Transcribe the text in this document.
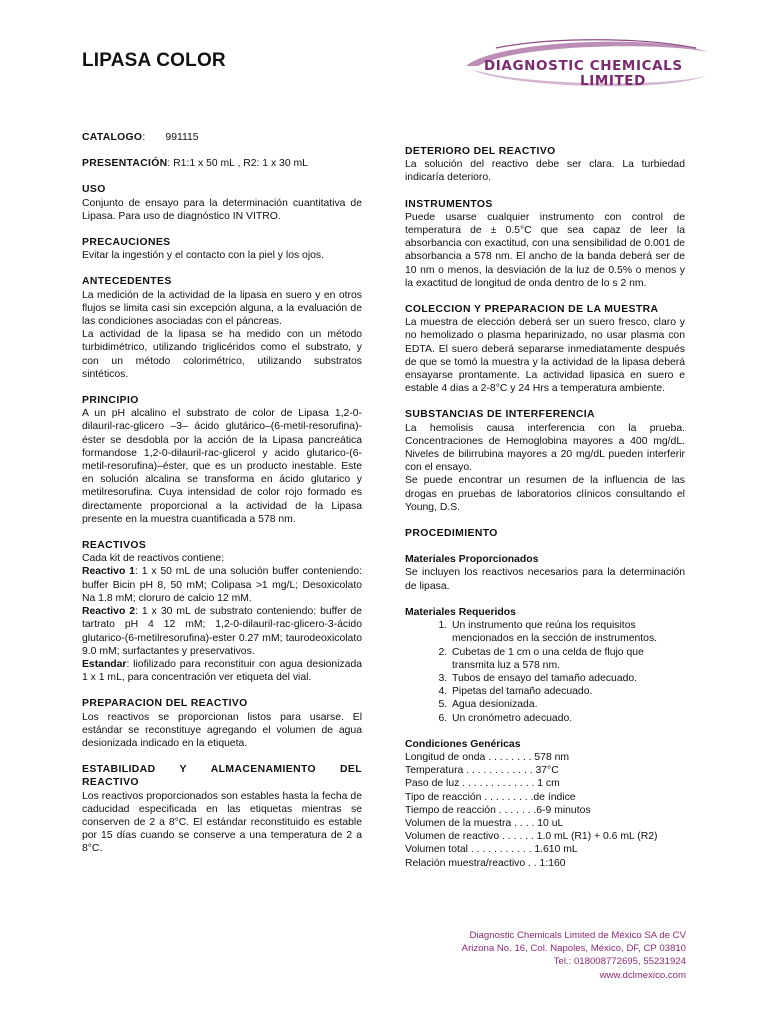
LIPASA COLOR	DIAGNOSTIC CHEMICALS
LIMITED
CATALOGO:       991115
PRESENTACIÓN: R1:1 x 50 mL , R2: 1 x 30 mL
USO
Conjunto de ensayo para la determinación cuantitativa de Lipasa. Para uso de diagnóstico IN VITRO.
PRECAUCIONES
Evitar la ingestión y el contacto con la piel y los ojos.
ANTECEDENTES
La medición de la actividad de la lipasa en suero y en otros flujos se limita casi sin excepción alguna, a la evaluación de las condiciones asociadas con el páncreas.
La actividad de la lipasa se ha medido con un método turbidimétrico, utilizando triglicéridos como el substrato, y con un método colorimétrico, utilizando substratos sintéticos.
PRINCIPIO
A un pH alcalino el substrato de color de Lipasa 1,2-0-dilauril-rac-glicero –3– ácido glutárico–(6-metil-resorufina)-éster se desdobla por la acción de la Lipasa pancreática formandose 1,2-0-dilauril-rac-glicerol y acido glutarico-(6-metil-resorufina)–éster, que es un producto inestable. Este en solución alcalina se transforma en ácido glutarico y metilresorufina. Cuya intensidad de color rojo formado es directamente proporcional a la actividad de la Lipasa presente en la muestra cuantificada a 578 nm.
REACTIVOS
Cada kit de reactivos contiene:
Reactivo 1: 1 x 50 mL de una solución buffer conteniendo: buffer Bicin pH 8, 50 mM; Colipasa >1 mg/L; Desoxicolato Na 1.8 mM; cloruro de calcio 12 mM.
Reactivo 2: 1 x 30 mL de substrato conteniendo: buffer de tartrato pH 4 12 mM; 1,2-0-dilauril-rac-glicero-3-ácido glutarico-(6-metilresorufina)-ester 0.27 mM; taurodeoxicolato 9.0 mM; surfactantes y preservativos.
Estandar: liofilizado para reconstituir con agua desionizada 1 x 1 mL, para concentración ver etiqueta del vial.
PREPARACION DEL REACTIVO
Los reactivos se proporcionan listos para usarse. El estándar se reconstituye agregando el volumen de agua desionizada indicado en la etiqueta.
ESTABILIDAD Y ALMACENAMIENTO DEL
REACTIVO
Los reactivos proporcionados son estables hasta la fecha de caducidad especificada en las etiquetas mientras se conserven de 2 a 8°C. El estándar reconstituido es estable por 15 días cuando se conserve a una temperatura de 2 a 8°C.
DETERIORO DEL REACTIVO
La solución del reactivo debe ser clara. La turbiedad indicaría deterioro.
INSTRUMENTOS
Puede usarse cualquier instrumento con control de temperatura de ± 0.5°C que sea capaz de leer la absorbancia con exactitud, con una sensibilidad de 0.001 de absorbancia a 578 nm. El ancho de la banda deberá ser de 10 nm o menos, la desviación de la luz de 0.5% o menos y la exactitud de longitud de onda dentro de lo s 2 nm.
COLECCION Y PREPARACION DE LA MUESTRA
La muestra de elección deberá ser un suero fresco, claro y no hemolizado o plasma heparinizado, no usar plasma con EDTA. El suero deberá separarse inmediatamente después de que se tomó la muestra y la actividad de la lipasa deberá ensayarse prontamente. La actividad lipasica en suero e estable 4 dias a 2-8°C y 24 Hrs a temperatura ambiente.
SUBSTANCIAS DE INTERFERENCIA
La hemolisis causa interferencia con la prueba. Concentraciones de Hemoglobina mayores a 400 mg/dL. Niveles de bilirrubina mayores a 20 mg/dL pueden interferir con el ensayo.
Se puede encontrar un resumen de la influencia de las drogas en pruebas de laboratorios clínicos consultando el Young, D.S.
PROCEDIMIENTO
Materiales Proporcionados
Se incluyen los reactivos necesarios para la determinación de lipasa.
Materiales Requeridos
1. Un instrumento que reúna los requisitos mencionados en la sección de instrumentos.
2. Cubetas de 1 cm o una celda de flujo que transmita luz a 578 nm.
3. Tubos de ensayo del tamaño adecuado.
4. Pipetas del tamaño adecuado.
5. Agua desionizada.
6. Un cronómetro adecuado.
Condiciones Genéricas
Longitud de onda . . . . . . . . 578 nm
Temperatura . . . . . . . . . . . . 37°C
Paso de luz . . . . . . . . . . . . . 1 cm
Tipo de reacción . . . . . . . . .de índice
Tiempo de reacción . . . . . . .6-9 minutos
Volumen de la muestra . . . . 10 uL
Volumen de reactivo . . . . . . 1.0 mL (R1) + 0.6 mL (R2)
Volumen total . . . . . . . . . . . 1.610 mL
Relación muestra/reactivo . . 1:160
Diagnostic Chemicals Limited de México SA de CV
Arizona No. 16, Col. Napoles, México, DF, CP 03810
Tel.: 018008772695, 55231924
www.dclmexico.com
